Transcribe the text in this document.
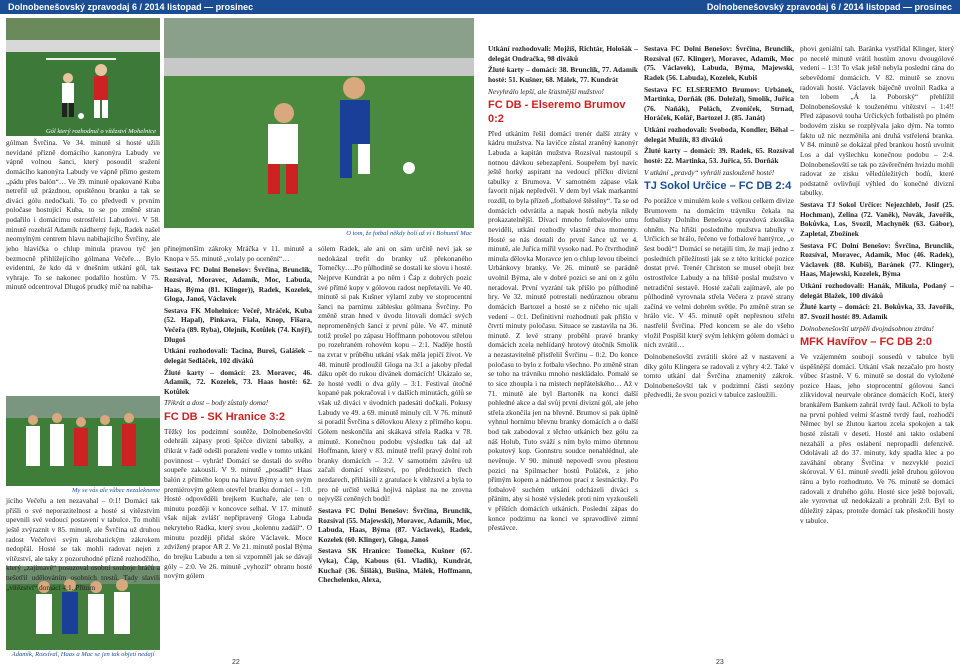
Dolnobenešovský zpravodaj 6 / 2014 listopad — prosinec	Dolnobenešovský zpravodaj 6 / 2014 listopad — prosinec
Gól který rozhodnul o vítězství Mohelnice
O tom, že fotbal někdy bolí už ví i Bohumil Mac
My se vás ale vůbec nezalekneme
Adamík, Rozsíval, Haas a Mac se jen tak objetí nedají

gólman Švrčina. Ve 34. minutě si hosté užili nevídané přízně domácího kanonýra Labudy ve vápně volnou šanci, který posoudil sražení domácího kanonýra Labudy ve vápně přímo gestem „pádu přes balón“… Ve 39. minutě opakované Kuba netrefil už prázdnou, opuštěnou branku a tak se diváci gólu nedočkali. To co předvedl v prvním poločase hostující Kuba, to se po změně stran podařilo i domácímu ostrostřelci Labudovi. V 58. minutě rozehrál Adamík nádherný fejk, Radek našel neomylným centrem hlavu nabíhajícího Švrčiny, ale jeho hlavička o chlup minula pravou tyč jen bezmocně přihlížejícího gólmana Večeře… Bylo evidentní, že kdo dá v dnešním utkání gól, tak vyhraje. To se nakonec podařilo hostům. V 75. minutě odcentroval Dlugoš prudký míč na nabíha-

jícího Večeřu a ten nezavahal – 0:1! Domácí tak přišli o své neporazitelnost a hosté si vítězstvím upevnili své vedoucí postavení v tabulce. To mohli ještě zvýraznit v 85. minutě, ale Švrčina už druhou radost Večeřovi svým akrobatickým zákrokem nedopřál. Hosté se tak mohli radovat nejen z vítězství, ale taky z pozoruhodné přízně rozhodčího, který „zajímavě“ posuzoval osobní souboje hráčů a nešetřil udělováním osobních trestů. Tady slavili „vítězství“ domácí 4:1. Přitom

přinejmenším zákroky Mráčka v 11. minutě a Knopa v 55. minutě „volaly po ocenění“…

Sestava FC Dolní Benešov: Švrčina, Brunclík, Rozsíval, Moravec, Adamík, Moc, Labuda, Haas, Býma (81. Klinger)), Radek, Kozelek, Gloga, Janoš, Václavek

Sestava FK Mohelnice: Večeř, Mráček, Kuba (52. Hapal), Pinkava, Fiala, Knop, Fišara, Večeřa (89. Ryba), Olejník, Kotůlek (74. Knýř), Dlugoš

Utkání rozhodovali: Tacina, Bureš, Galášek – delegát Sedláček, 102 diváků

Žluté karty – domácí: 23. Moravec, 46. Adamík, 72. Kozelek, 73. Haas hosté: 62. Kotůlek

Třikrát a dost – body zůstaly doma!

FC DB - SK Hranice 3:2

Těžký los podzimní soutěže, Dolnobenešovští odehráli zápasy proti špičce divizní tabulky, a třikrát v řadě odešli poraženi vedle v tomto utkání povinnost – vyhrát! Domácí se dostali do svého soupeře zakousli. V 9. minutě „posadil“ Haas balón z přímého kopu na hlavu Býmy a ten svým premiérovým gólem otevřel branku domácí – 1:0. Hosté odpověděli brejkem Kuchaře, ale ten o minutu později v koncovce selhal. V 17. minutě však nijak zvlášť nepřipravený Gloga Labuda nekryteho Radka, který svou „kolennu zadáil“. O minutu později přidal skóre Václavek. Moce zdvižený prapor AR 2. Ve 21. minutě poslal Býma do brejku Labudu a ten si vzpomněl jak se dávají góly – 2:0. Ve 26. minutě „vyhozil“ obranu hosté novým gólem

sólem Radek, ale ani on sám určitě neví jak se nedokázal trefit do branky už překonaného Tomečky….Po půlhodině se dostali ke slovu i hosté. Nejprve Kundrát a po něm i Čáp z dobrých pozic své přímé kopy v gólovou radost nepřetavili. Ve 40. minutě si pak Kušner výlaml zuby ve stoprocentní šanci na parnímu záblesku gólmana Švrčiny. Po změně stran hned v úvodu litovali domácí svých nepromeněných šancí z první půle. Ve 47. minutě totiž prošel po zápasu Hoffmann pohotovou střelou po rozehraném rohovém kopu – 2:1. Naděje hostů na zvrat v průběhu utkání však měla jepičí život. Ve 48. minutě prodloužil Gloga na 3:1 a jakoby předal dáku opět do rukou dívánek domácích! Ukázalo se, že hosté vedli o dva góly – 3:1. Festival útočné kopané pak pokračoval i v dalších minutách, gólů se však už diváci v úvodních padesáti dočkali. Pokusy Labudy ve 49. a 69. minutě minuly cíl. V 76. minutě si poradil Švrčina s dělovkou Alexy z přímého kopu. Gólem neskončila ani skákavá střela Radka v 78. minutě. Konečnou podobu výsledku tak dal až Hoffmann, který v 83. minutě trefil pravý dolní roh branky domácích – 3:2. V samotném závěru už začali domácí vítězství, po předchozích třech nezdarech, přihlásili z gratulace k vítězství a byla to pro ně určitě velká hojivá náplast na ne zrovna nejvyšší ceněných bodů!

Sestava FC Dolní Benešov: Švrčina, Brunclík, Rozsíval (55. Majewski), Moravec, Adamík, Moc, Labuda, Haas, Býma (87. Václavek), Radek, Kozelek (60. Klinger), Gloga, Janoš

Sestava SK Hranice: Tomečka, Kušner (67. Vyka), Čáp, Kabous (61. Vladik), Kundrát, Kuchař (36. Šišlák), Bušina, Málek, Hoffmann, Chechelenko, Alexa,

Utkání rozhodovali: Mojžíš, Richtár, Hološák – delegát Ondračka, 98 diváků

Žluté karty – domácí: 38. Brunclík, 77. Adamík hosté: 51. Kušner, 68. Málek, 77. Kundrát

Nevyhrálo lepší, ale šťastnější mužstvo!

FC DB - Elseremo Brumov 0:2

Před utkáním řešil domácí trenér další ztráty v kádru mužstva. Na lavičce zůstal zraněný kanonýr Labuda a kapitán mužstva Rozsíval nastoupil s notnou dávkou sebezapření. Soupeřem byl navíc ještě horký aspirant na vedoucí příčku divizní tabulky z Brumova. V samotném zápase však favorit nijak nepředvěl. V dem byl však markantní rozdíl, to byla přízeň „fotbalové štěstěny“. Ta se od domácích odvrátila a napak hostů nebyla nikdy prokazatelnější. Dívací mnoho fotbalového umu neviděli, utkání rozhodly vlastně dva momenty. Hosté se nás dostali do první šance už ve 4. minutě, ale Juřica mířil vysoko nad. Po čtvrthodině minula dělovka Moravce jen o chlup levou tibeinci Urbánkovy branky. Ve 26. minutě se parádně uvolnil Býma, ale v dobré pozici se ani on z gólu neradoval. První vyzrání tak přišlo po půlhodině hry. Ve 32. minutě potrestali nedůraznou obranu domácích Bartozel a hosté se z ničeho nic ujali vedení – 0:1. Definitivní rozhodnutí pak přišlo v čtvrti minuty poločasu. Situace se zastavila na 36. minutě. Z levé strany proběhl pravé branky domácích zcela nehlídaný hrotový útočník Smolík a nezastavitelně přistřelil Švrčinu – 0:2. Do konce poločasu to bylo z fotbalu všechno. Po změně stran se toho na trávníku mnoho neskládalo. Pomalé se to sice zhoupla i na místech nepřátelského… Až v 71. minutě ale byl Bartoněk na konci další pohledné akce a dal svůj první divizní gól, ale jeho střela zkončila jen na břevně. Brumov si pak úplně vyhnul hornímu břevnu branky domácích a o další bod tak zabodoval z těchto utkáních bez gólu za náš Holub, Tuto sváží s ním bylo mimo úhrnnou pokutový kop. Gonnstru soudce nenahlédnul, ale nevěnuje. V 90. minutě nepovedl svou přesnou pozici na Spilmacher hostů Poláček, z jeho přímým kopem a nádhernou prací z šestnáctky. Po fotbalově suchém utkání odcházeli diváci s přáním, aby si hosté výsledek proti nim vyzkoušeli v příštích domácích utkáních. Poslední zápas do konce podzimu na konci ve spravodlivé zimní přestávce.

Sestava FC Dolní Benešov: Švrčina, Brunclík, Rozsíval (67. Klinger), Moravec, Adamík, Moc (75. Václavek), Labuda, Býma, Majewski, Radek (56. Labuda), Kozelek, Kubiš

Sestava FC ELSEREMO Brumov: Urbánek, Martinka, Dorňák (86. Doležal), Smolík, Juřica (76. Naňák), Polách, Zvoníček, Strnad, Horáček, Kolář, Bartozel J. (85. Janát)

Utkání rozhodovali: Svoboda, Kondler, Běhal – delegát Mužík, 83 diváků

Žluté karty – domácí: 39. Radek, 65. Rozsíval hosté: 22. Martinka, 53. Juřica, 55. Dorňák

V utkání „pravdy“ vyhráli zaslouženě hosté!

TJ Sokol Určice – FC DB 2:4

Po porážce v minulém kole s velkou celkem divize Brumovem na domácím trávníku čekala na fotbalisty Dolního Benešova opravdová zkouška ohněm. Na hřišti posledního mužstva tabulky v Určicích se hrálo, řečeno ve fotbalové hantýrce, „o šest bodů“! Domácí se netajili tím, že mají jedno z posledních příležitostí jak se z této kritické pozice dostat prvé. Trenér Christon se musel obejít bez ostrostřelce Labudy a na hřiště poslal mužstvo v netradiční sestavě. Hosté začali zajímavě, ale po půlhodině vyrovnala střela Večera z pravé strany začíná ve velmi dobrém světle. Po změně stran se hrálo víc. V 45. minutě opět nepřesnou střelu nastřelil Švrčina. Před koncem se ale do všeho vložil Pospíšil který svým lehkým gólem domácí u nich zvrátil…

Dolnobenešovští zvrátili skóre až v nastavení a díky gólu Klingera se radovali z výhry 4:2. Také v tomto utkání dal Švrčina znamenitý zákrok. Dolnobenešovští tak v podzimní části sezóny předvedli, že svou pozici v tabulce zasloužili.

phovi geniální tah. Baránka vystřídal Klinger, který po necelé minutě vrátil hostům znovu dvougólové vedení – 1:3! To však ještě nebyla poslední rána do sebevědomí domácích. V 82. minutě se znovu radovali hosté. Václavek báječně uvolnil Radka a ten lobem „Á la Poborský“ přehlížil Dolnobenešovské k touženému vítězství – 1:4!! Před zápasovú touha Určických fotbalistů po plném bodovém zisku se rozplývala jako dým. Na tomto faktu už nic nezměnila ani druhá vstřelená branka. V 84. minutě se dokázal před brankou hostů uvolnit Los a dal vyšlechku konečnou podobu – 2:4. Dolnobenešovští se tak po závěrečném hvizdu mohli radovat ze zisku věledůležitých bodů, které podstatně ovlivňují výhled do konečné divizní tabulky.

Sestava TJ Sokol Určice: Nejezchleb, Josif (25. Hochman), Zelina (72. Vaněk), Novák, Javořík, Bokůvka, Los, Svozil, Machyněk (63. Gábor), Zapletal, Zbožínek

Sestava FC Dolní Benešov: Švrčina, Brunclík, Rozsíval, Moravec, Adamík, Moc (46. Radek), Václavek (88. Kubiš), Baránek (77. Klinger), Haas, Majewski, Kozelek, Býma

Utkání rozhodovali: Hanák, Mikula, Podaný – delegát Blažek, 100 diváků

Žluté karty – domácí: 21. Bokůvka, 33. Javořík, 87. Svozil hosté: 89. Adamík

Dolnobenešovští utrpěli dvojnásobnou ztrátu!

MFK Havířov – FC DB 2:0

Ve vzájemném souboji sousedů v tabulce byli úspěšnější domácí. Utkání však nezačalo pro hosty vůbec šťastně. V 6. minutě se dostal do vyložené pozice Haas, jeho stoprocentní gólovou šanci zlikvidoval neurvale obránce domácích Kočí, který brankářem Bankem zahrál tvrdý faul. Ačkoli to byla na první pohled velmi šťastně tvrdý faul, rozhodčí Němec byl se žlutou kartou zcela spokojen a tak hosté zůstali v deseti. Hosté ani takto oslabení nezahálí a přes oslabení nepropadli defenzivě. Odolávali až do 37. minuty, kdy spadla klec a po zaváhání obrany Švrčina v nezvyklé pozici skóroval. V 61. minutě svedli ještě druhou gólovou ránu a bylo rozhodnuto. Ve 76. minutě se domácí radovali z druhého gólu. Hosté sice ještě bojovali, ale vyrovnat už nedokázali a prohráli 2:0. Byl to důležitý zápas, protože domácí tak přeskočili hosty v tabulce.

22	23
